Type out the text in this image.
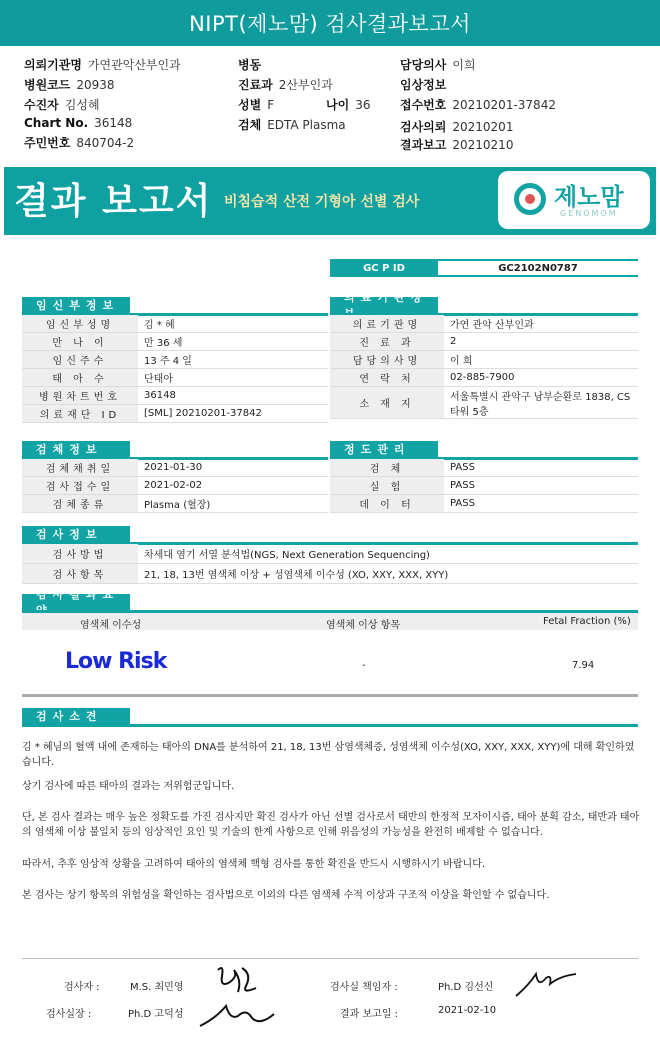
NIPT(제노맘) 검사결과보고서
의뢰기관명 가연관악산부인과
병원코드 20938
수진자 김성혜
Chart No. 36148
주민번호 840704-2
병동
진료과 2산부인과
성별 F	나이 36
검체 EDTA Plasma
담당의사 이희
임상정보
접수번호 20210201-37842
검사의뢰 20210201
결과보고 20210210
결과 보고서 비침습적 산전 기형아 선별 검사	제노맘
GENOMOM
GC P ID	GC2102N0787
임신부정보
임신부성명	김 * 혜
만 나 이	만 36 세
임신주수	13 주 4 일
태 아 수	단태아
병원차트번호	36148
의료재단 ID	[SML] 20210201-37842
의료기관정
의료기관명	가연 관악 산부인과
진 료 과	2
담당의사명	이 희
연 락 처	02-885-7900
소 재 지
서울특별시 관악구 남부순환로 1838, CS타워 5층
검체정보
검체채취일	2021-01-30
검사접수일	2021-02-02
검체종류	Plasma (혈장)
정도관리
검 체	PASS
실 험	PASS
데 이 터	PASS
검사정보
검사방법	차세대 염기 서열 분석법(NGS, Next Generation Sequencing)
검사항목	21, 18, 13번 염색체 이상 + 성염색체 이수성 (XO, XXY, XXX, XYY)
검사결과요
염색체 이수성	염색체 이상 항목	Fetal Fraction (%)
Low Risk	-	7.94
검사소견
김 * 혜님의 혈액 내에 존재하는 태아의 DNA를 분석하여 21, 18, 13번 삼염색체증, 성염색체 이수성(XO, XXY, XXX, XYY)에 대해 확인하였습니다.
상기 검사에 따른 태아의 결과는 저위험군입니다.
단, 본 검사 결과는 매우 높은 정확도를 가진 검사지만 확진 검사가 아닌 선별 검사로서 태반의 한정적 모자이시즘, 태아 분획 감소, 태반과 태아의 염색체 이상 불일치 등의 임상적인 요인 및 기술의 한계 사항으로 인해 위음성의 가능성을 완전히 배제할 수 없습니다.
따라서, 추후 임상적 상황을 고려하여 태아의 염색체 핵형 검사를 통한 확진을 반드시 시행하시기 바랍니다.
본 검사는 상기 항목의 위험성을 확인하는 검사법으로 이외의 다른 염색체 수적 이상과 구조적 이상을 확인할 수 없습니다.
검사자 :	M.S. 최민영
검사실장 :	Ph.D 고덕성
검사실 책임자 :	Ph.D 김선신
결과 보고일 :	2021-02-10
